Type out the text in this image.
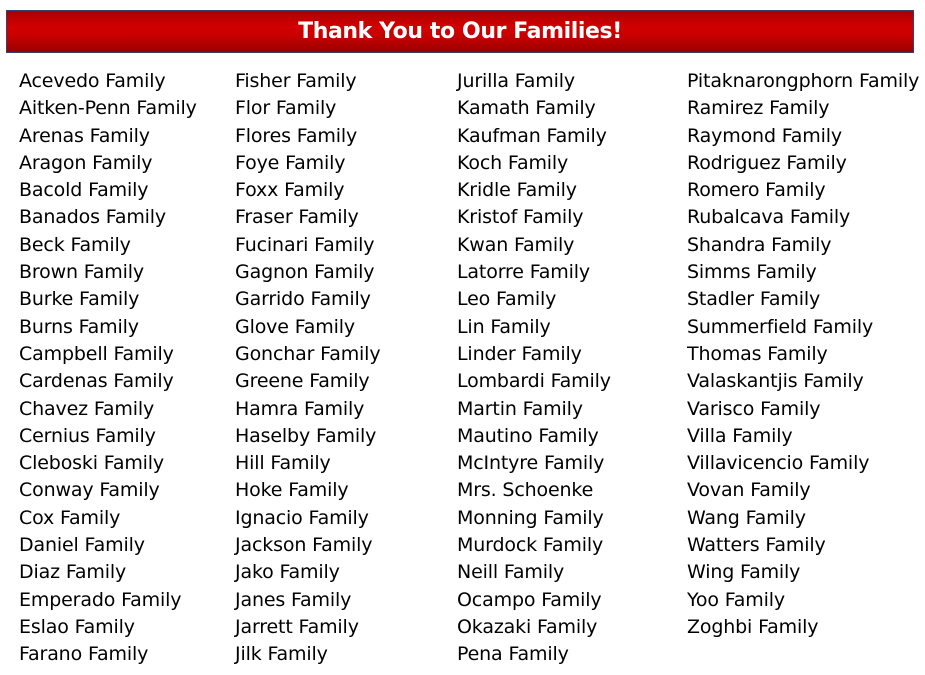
Thank You to Our Families!
Acevedo Family
Aitken-Penn Family
Arenas Family
Aragon Family
Bacold Family
Banados Family
Beck Family
Brown Family
Burke Family
Burns Family
Campbell Family
Cardenas Family
Chavez Family
Cernius Family
Cleboski Family
Conway Family
Cox Family
Daniel Family
Diaz Family
Emperado Family
Eslao Family
Farano Family
Fisher Family
Flor Family
Flores Family
Foye Family
Foxx Family
Fraser Family
Fucinari Family
Gagnon Family
Garrido Family
Glove Family
Gonchar Family
Greene Family
Hamra Family
Haselby Family
Hill Family
Hoke Family
Ignacio Family
Jackson Family
Jako Family
Janes Family
Jarrett Family
Jilk Family
Jurilla Family
Kamath Family
Kaufman Family
Koch Family
Kridle Family
Kristof Family
Kwan Family
Latorre Family
Leo Family
Lin Family
Linder Family
Lombardi Family
Martin Family
Mautino Family
McIntyre Family
Mrs. Schoenke
Monning Family
Murdock Family
Neill Family
Ocampo Family
Okazaki Family
Pena Family
Pitaknarongphorn Family
Ramirez Family
Raymond Family
Rodriguez Family
Romero Family
Rubalcava Family
Shandra Family
Simms Family
Stadler Family
Summerfield Family
Thomas Family
Valaskantjis Family
Varisco Family
Villa Family
Villavicencio Family
Vovan Family
Wang Family
Watters Family
Wing Family
Yoo Family
Zoghbi Family
